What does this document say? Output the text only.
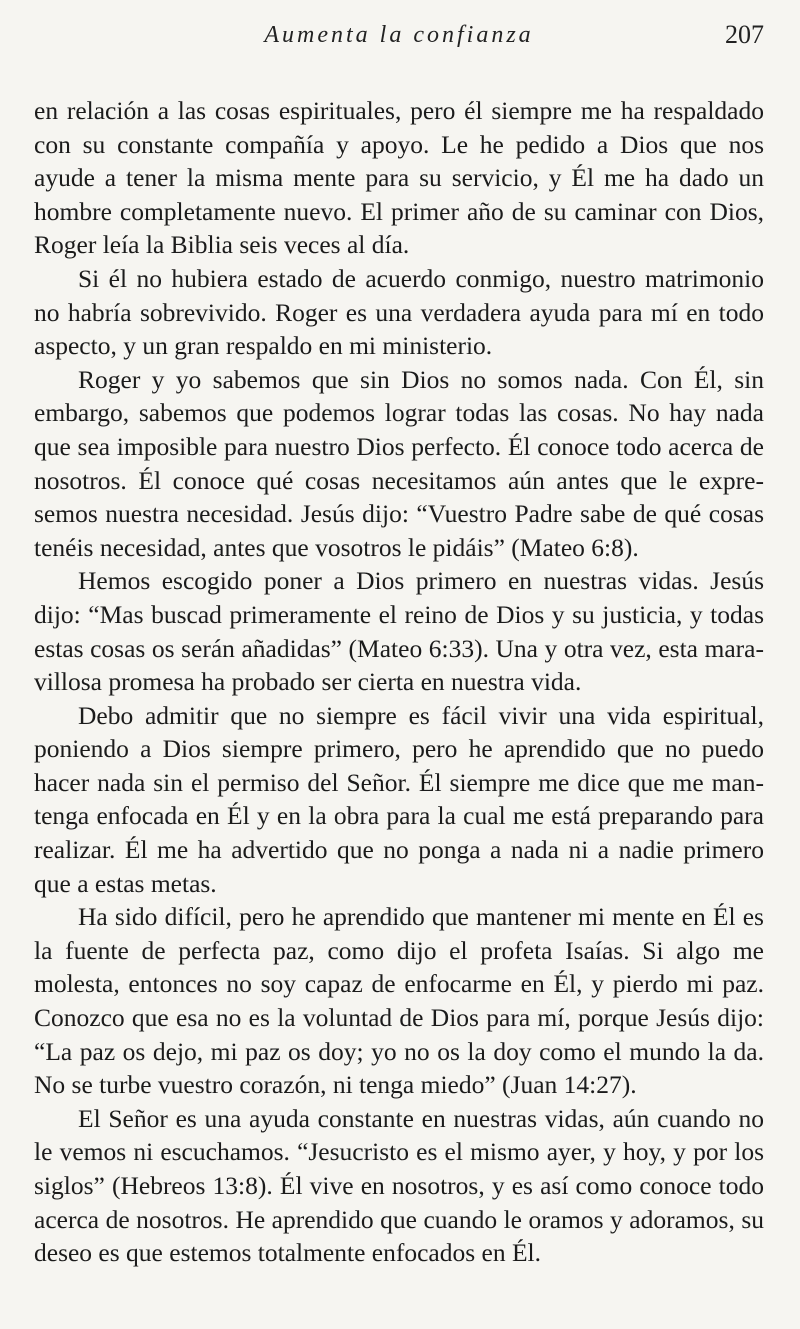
Aumenta la confianza	207

en relación a las cosas espirituales, pero él siempre me ha respaldado con su constante compañía y apoyo. Le he pedido a Dios que nos ayude a tener la misma mente para su servicio, y Él me ha dado un hombre completamente nuevo. El primer año de su caminar con Dios, Roger leía la Biblia seis veces al día.

Si él no hubiera estado de acuerdo conmigo, nuestro matrimonio no habría sobrevivido. Roger es una verdadera ayuda para mí en todo aspecto, y un gran respaldo en mi ministerio.

Roger y yo sabemos que sin Dios no somos nada. Con Él, sin embargo, sabemos que podemos lograr todas las cosas. No hay nada que sea imposible para nuestro Dios perfecto. Él conoce todo acerca de nosotros. Él conoce qué cosas necesitamos aún antes que le expresemos nuestra necesidad. Jesús dijo: “Vuestro Padre sabe de qué cosas tenéis necesidad, antes que vosotros le pidáis” (Mateo 6:8).

Hemos escogido poner a Dios primero en nuestras vidas. Jesús dijo: “Mas buscad primeramente el reino de Dios y su justicia, y todas estas cosas os serán añadidas” (Mateo 6:33). Una y otra vez, esta maravillosa promesa ha probado ser cierta en nuestra vida.

Debo admitir que no siempre es fácil vivir una vida espiritual, poniendo a Dios siempre primero, pero he aprendido que no puedo hacer nada sin el permiso del Señor. Él siempre me dice que me mantenga enfocada en Él y en la obra para la cual me está preparando para realizar. Él me ha advertido que no ponga a nada ni a nadie primero que a estas metas.

Ha sido difícil, pero he aprendido que mantener mi mente en Él es la fuente de perfecta paz, como dijo el profeta Isaías. Si algo me molesta, entonces no soy capaz de enfocarme en Él, y pierdo mi paz. Conozco que esa no es la voluntad de Dios para mí, porque Jesús dijo: “La paz os dejo, mi paz os doy; yo no os la doy como el mundo la da. No se turbe vuestro corazón, ni tenga miedo” (Juan 14:27).

El Señor es una ayuda constante en nuestras vidas, aún cuando no le vemos ni escuchamos. “Jesucristo es el mismo ayer, y hoy, y por los siglos” (Hebreos 13:8). Él vive en nosotros, y es así como conoce todo acerca de nosotros. He aprendido que cuando le oramos y adoramos, su deseo es que estemos totalmente enfocados en Él.
